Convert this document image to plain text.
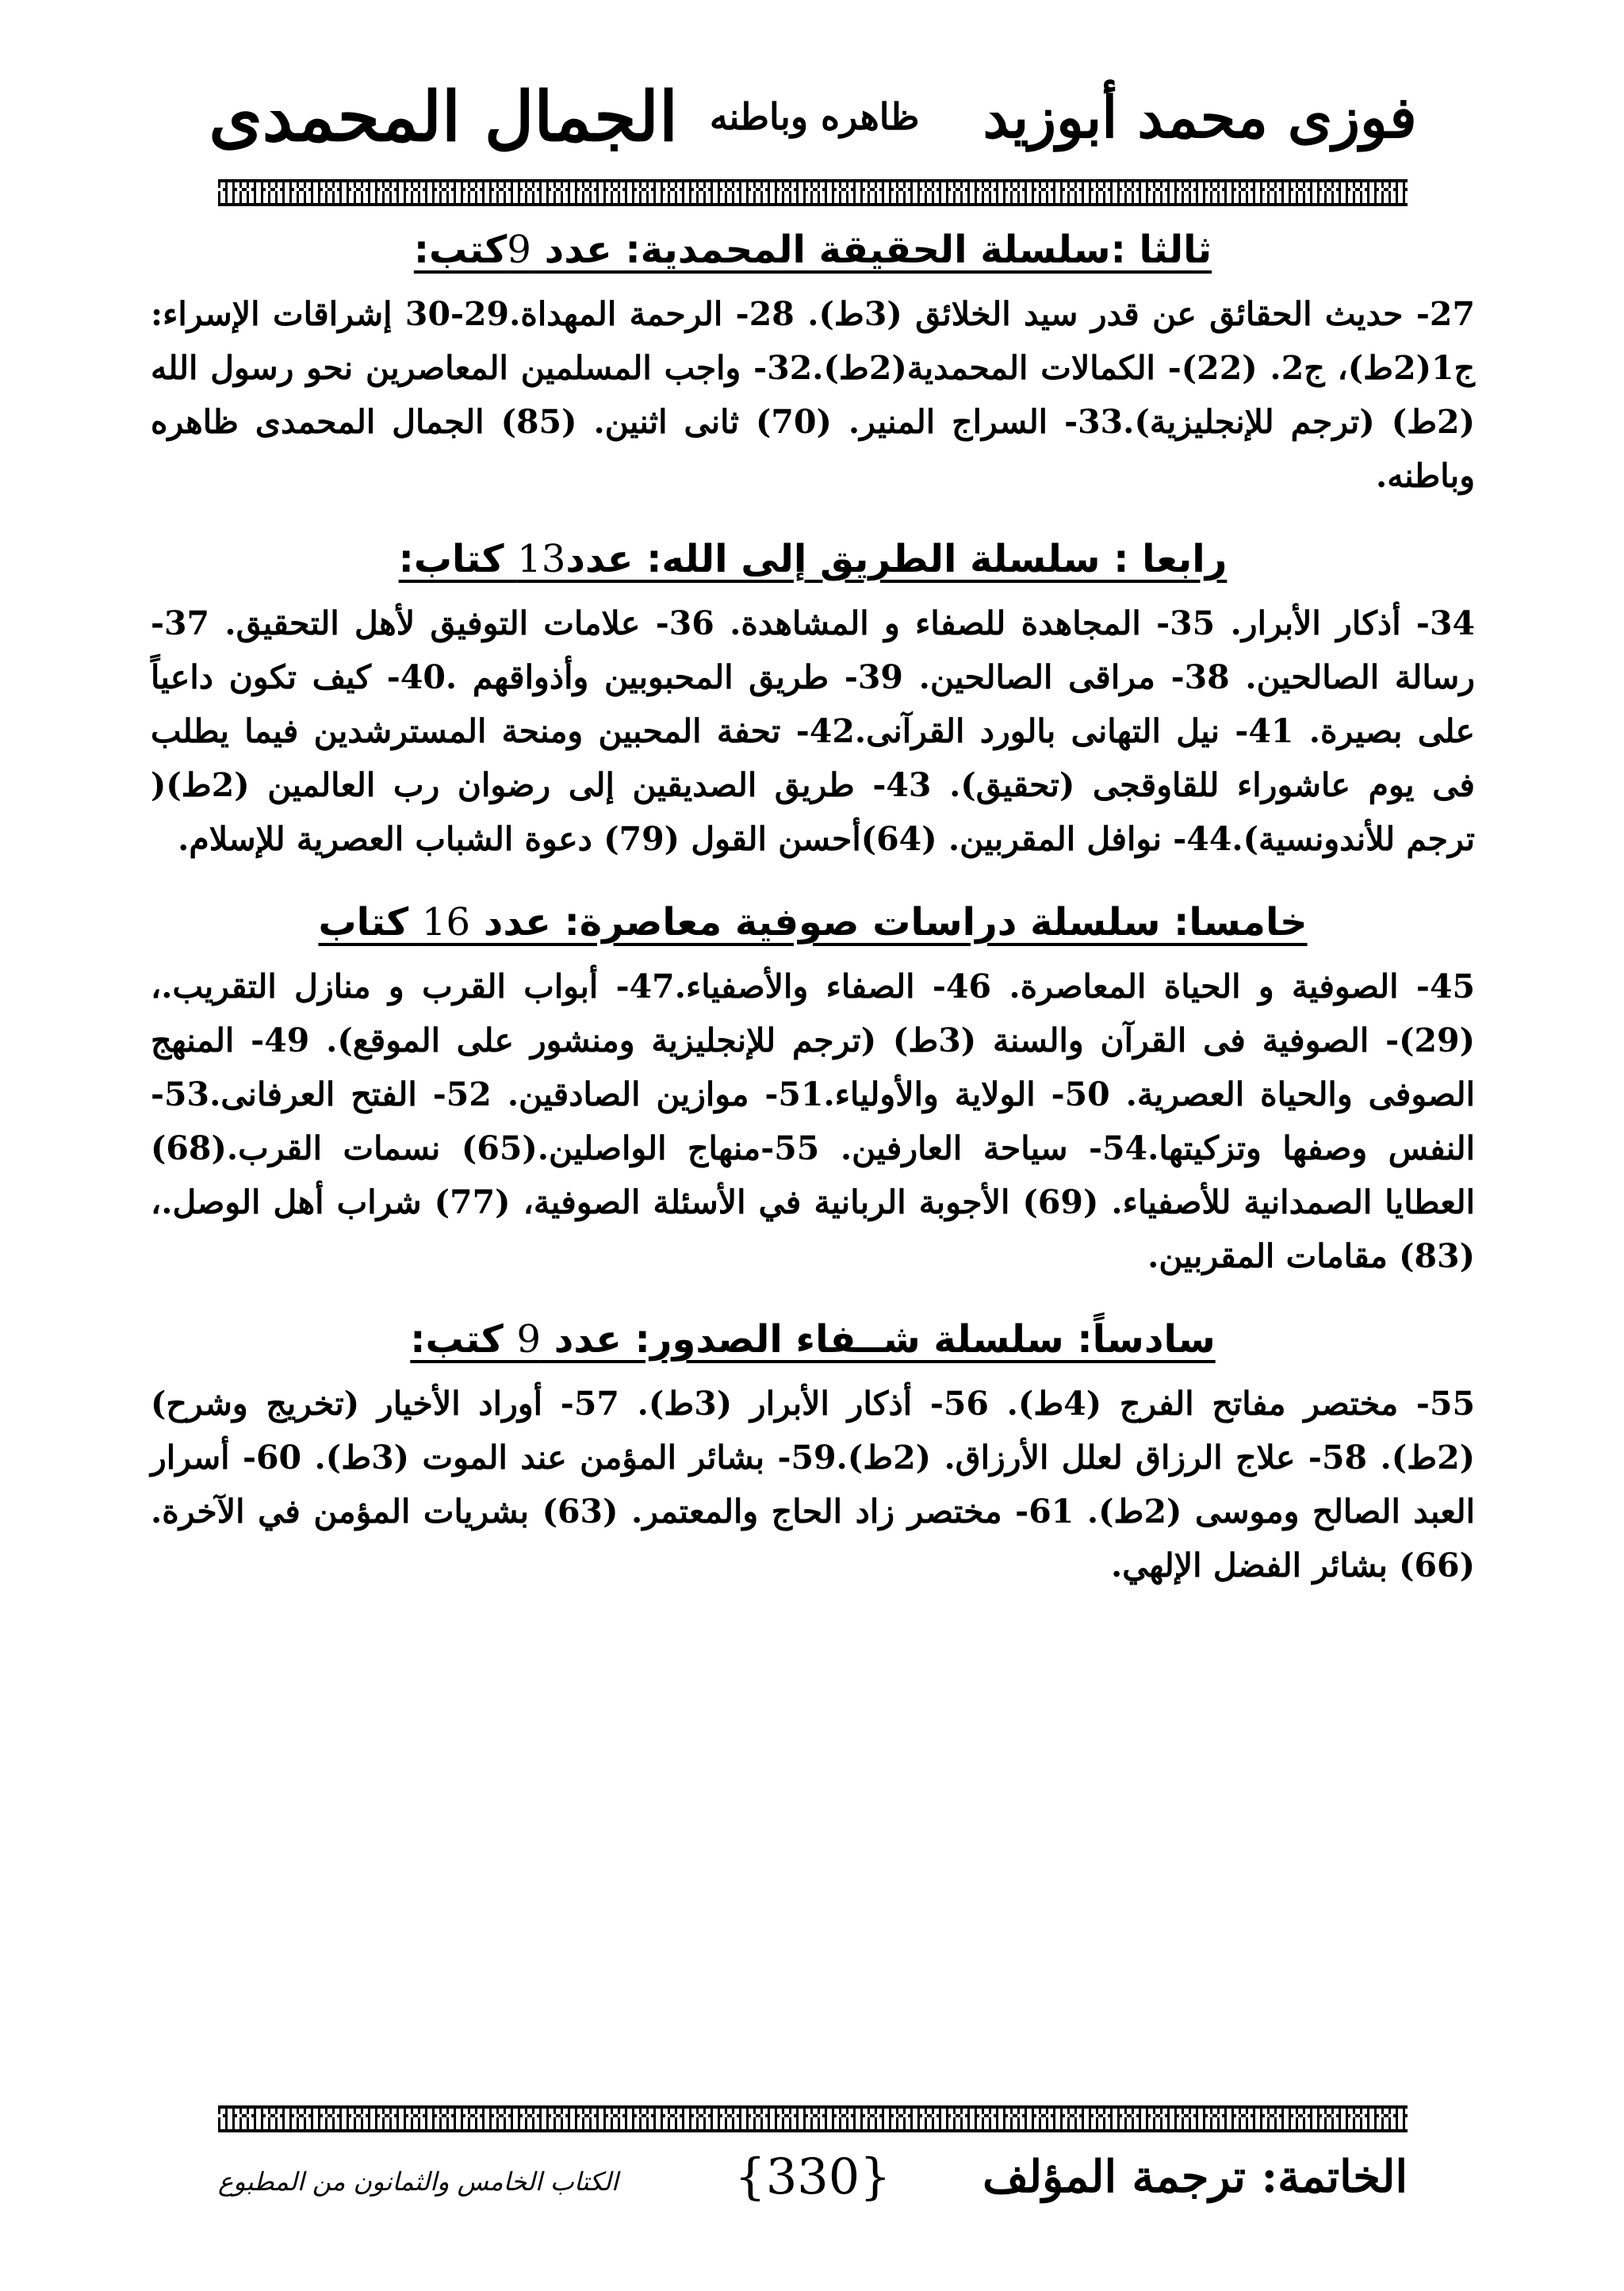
فوزى محمد أبوزيد
ظاهره وباطنه
الجمال المحمدى
ثالثا :سلسلة الحقيقة المحمدية: عدد 9كتب:

27- حديث الحقائق عن قدر سيد الخلائق (3ط). 28- الرحمة المهداة.29-30 إشراقات الإسراء: ج1(2ط)، ج2. (22)- الكمالات المحمدية(2ط).32- واجب المسلمين المعاصرين نحو رسول الله (2ط) (ترجم للإنجليزية).33- السراج المنير. (70) ثانى اثنين. (85) الجمال المحمدى ظاهره وباطنه.

رابعا : سلسلة الطريق إلى الله: عدد13 كتاب:

34- أذكار الأبرار. 35- المجاهدة للصفاء و المشاهدة. 36- علامات التوفيق لأهل التحقيق. 37- رسالة الصالحين. 38- مراقى الصالحين. 39- طريق المحبوبين وأذواقهم .40- كيف تكون داعياً على بصيرة. 41- نيل التهانى بالورد القرآنى.42- تحفة المحبين ومنحة المسترشدين فيما يطلب فى يوم عاشوراء للقاوقجى (تحقيق). 43- طريق الصديقين إلى رضوان رب العالمين (2ط)( ترجم للأندونسية).44- نوافل المقربين. (64)أحسن القول (79) دعوة الشباب العصرية للإسلام.

خامسا: سلسلة دراسات صوفية معاصرة: عدد 16 كتاب

45- الصوفية و الحياة المعاصرة. 46- الصفاء والأصفياء.47- أبواب القرب و منازل التقريب.،(29)- الصوفية فى القرآن والسنة (3ط) (ترجم للإنجليزية ومنشور على الموقع). 49- المنهج الصوفى والحياة العصرية. 50- الولاية والأولياء.51- موازين الصادقين. 52- الفتح العرفانى.53- النفس وصفها وتزكيتها.54- سياحة العارفين. 55-منهاج الواصلين.(65) نسمات القرب.(68) العطايا الصمدانية للأصفياء. (69) الأجوبة الربانية في الأسئلة الصوفية، (77) شراب أهل الوصل.، (83) مقامات المقربين.

سادساً: سلسلة شــفاء الصدور: عدد 9 كتب:

55- مختصر مفاتح الفرج (4ط). 56- أذكار الأبرار (3ط). 57- أوراد الأخيار (تخريج وشرح)(2ط). 58- علاج الرزاق لعلل الأرزاق. (2ط).59- بشائر المؤمن عند الموت (3ط). 60- أسرار العبد الصالح وموسى (2ط). 61- مختصر زاد الحاج والمعتمر. (63) بشريات المؤمن في الآخرة. (66) بشائر الفضل الإلهي.

الخاتمة: ترجمة المؤلف
{330}
الكتاب الخامس والثمانون من المطبوع
